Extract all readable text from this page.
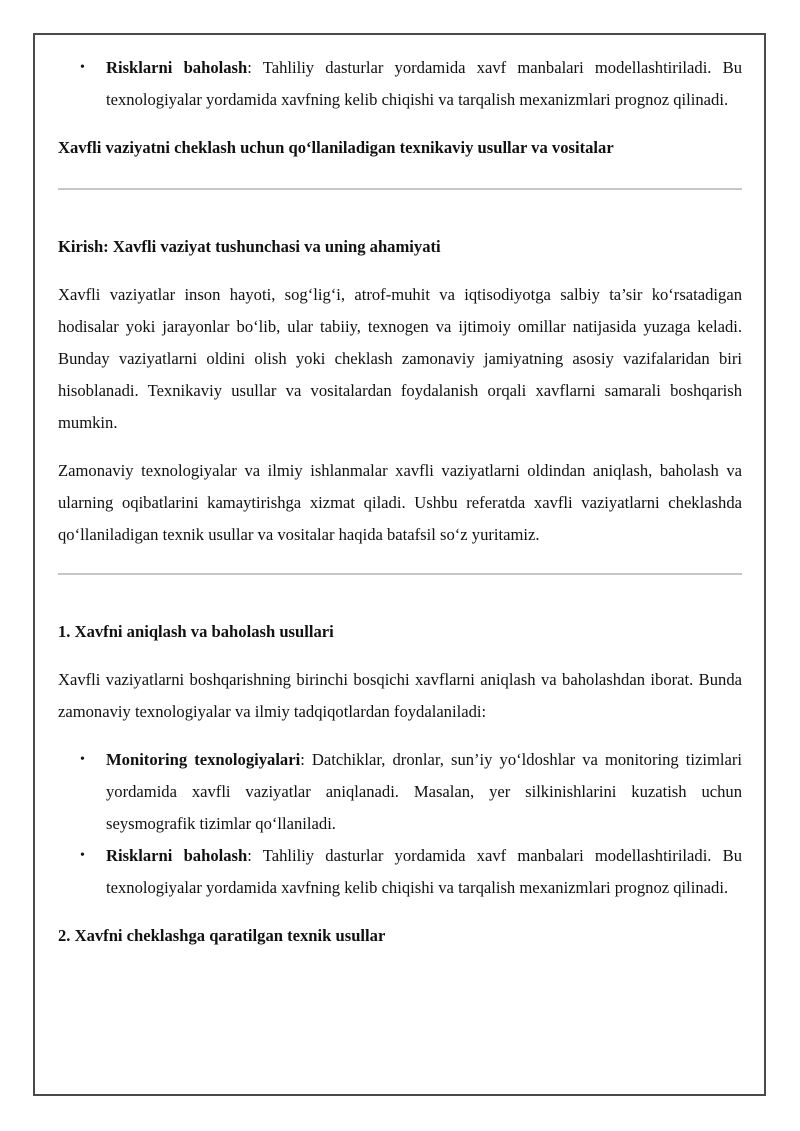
• Risklarni baholash: Tahliliy dasturlar yordamida xavf manbalari modellashtiriladi. Bu texnologiyalar yordamida xavfning kelib chiqishi va tarqalish mexanizmlari prognoz qilinadi.

Xavfli vaziyatni cheklash uchun qo‘llaniladigan texnikaviy usullar va vositalar

Kirish: Xavfli vaziyat tushunchasi va uning ahamiyati

Xavfli vaziyatlar inson hayoti, sog‘lig‘i, atrof-muhit va iqtisodiyotga salbiy ta’sir ko‘rsatadigan hodisalar yoki jarayonlar bo‘lib, ular tabiiy, texnogen va ijtimoiy omillar natijasida yuzaga keladi. Bunday vaziyatlarni oldini olish yoki cheklash zamonaviy jamiyatning asosiy vazifalaridan biri hisoblanadi. Texnikaviy usullar va vositalardan foydalanish orqali xavflarni samarali boshqarish mumkin.

Zamonaviy texnologiyalar va ilmiy ishlanmalar xavfli vaziyatlarni oldindan aniqlash, baholash va ularning oqibatlarini kamaytirishga xizmat qiladi. Ushbu referatda xavfli vaziyatlarni cheklashda qo‘llaniladigan texnik usullar va vositalar haqida batafsil so‘z yuritamiz.

1. Xavfni aniqlash va baholash usullari

Xavfli vaziyatlarni boshqarishning birinchi bosqichi xavflarni aniqlash va baholashdan iborat. Bunda zamonaviy texnologiyalar va ilmiy tadqiqotlardan foydalaniladi:

• Monitoring texnologiyalari: Datchiklar, dronlar, sun’iy yo‘ldoshlar va monitoring tizimlari yordamida xavfli vaziyatlar aniqlanadi. Masalan, yer silkinishlarini kuzatish uchun seysmografik tizimlar qo‘llaniladi.
• Risklarni baholash: Tahliliy dasturlar yordamida xavf manbalari modellashtiriladi. Bu texnologiyalar yordamida xavfning kelib chiqishi va tarqalish mexanizmlari prognoz qilinadi.

2. Xavfni cheklashga qaratilgan texnik usullar
